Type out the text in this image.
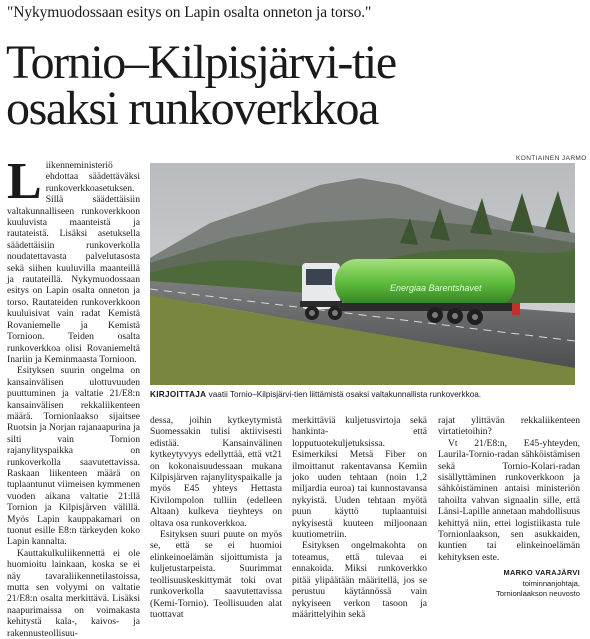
"Nykymuodossaan esitys on Lapin osalta onneton ja torso."
Tornio–Kilpisjärvi-tie
osaksi runkoverkkoa
KONTIAINEN JARMO
Energiaa Barentshavet
KIRJOITTAJA vaatii Tornio–Kilpisjärvi-tien liittämistä osaksi valtakunnallista runkoverkkoa.

Liikenneministeriö ehdottaa säädettäväksi runkoverkkoasetuksen. Sillä säädettäisiin valtakunnalliseen runkoverkkoon kuuluvista maanteistä ja rautateistä. Lisäksi asetuksella säädettäisiin runkoverkolla noudatettavasta palvelutasosta sekä siihen kuuluvilla maanteillä ja rautateillä. Nykymuodossaan esitys on Lapin osalta onneton ja torso. Rautateiden runkoverkkoon kuuluisivat vain radat Kemistä Rovaniemelle ja Kemistä Tornioon. Teiden osalta runkoverkkoa olisi Rovaniemeltä Inariin ja Keminmaasta Tornioon.

Esityksen suurin ongelma on kansainvälisen ulottuvuuden puuttuminen ja valtatie 21/E8:n kansainvälisen rekkaliikenteen määrä. Tornionlaakso sijaitsee Ruotsin ja Norjan rajanaapurina ja silti vain Tornion rajanylityspaikka on runkoverkolla saavutettavissa. Raskaan liikenteen määrä on tuplaantunut viimeisen kymmenen vuoden aikana valtatie 21:llä Tornion ja Kilpisjärven välillä. Myös Lapin kauppakamari on tuonut esille E8:n tärkeyden koko Lapin kannalta.

Kauttakulkuliikennettä ei ole huomioitu lainkaan, koska se ei näy tavaraliikennetilastoissa, mutta sen volyymi on valtatie 21/E8:n osalta merkittävä. Lisäksi naapurimaissa on voimakasta kehitystä kala-, kaivos- ja rakennusteollisuu-

dessa, joihin kytkeytymistä Suomessakin tulisi aktiivisesti edistää. Kansainvälinen kytkeytyvyys edellyttää, että vt21 on kokonaisuudessaan mukana Kilpisjärven rajanylityspaikalle ja myös E45 yhteys Hettasta Kivilompolon tulliin (edelleen Altaan) kulkeva tieyhteys on oltava osa runkoverkkoa.

Esityksen suuri puute on myös se, että se ei huomioi elinkeinoelämän sijoittumista ja kuljetustarpeista. Suurimmat teollisuuskeskittymät toki ovat runkoverkolla saavutettavissa (Kemi-Tornio). Teollisuuden alat tuottavat

merkittäviä kuljetusvirtoja sekä hankinta- että lopputuotekuljetuksissa. Esimerkiksi Metsä Fiber on ilmoittanut rakentavansa Kemiin joko uuden tehtaan (noin 1,2 miljardia euroa) tai kunnostavansa nykyistä. Uuden tehtaan myötä puun käyttö tuplaantuisi nykyisestä kuuteen miljoonaan kuutiometriin.

Esityksen ongelmakohta on toteamus, että tulevaa ei ennakoida. Miksi runkoverkko pitää ylipäätään määritellä, jos se perustuu käytännössä vain nykyiseen verkon tasoon ja määrittelyihin sekä

rajat ylittävän rekkaliikenteen virtatietoihin?

Vt 21/E8:n, E45-yhteyden, Laurila-Tornio-radan sähköistämisen sekä Tornio-Kolari-radan sisällyttäminen runkoverkkoon ja sähköistäminen antaisi ministeriön tahoilta vahvan signaalin sille, että Länsi-Lapille annetaan mahdollisuus kehittyä niin, ettei logistiikasta tule Tornionlaakson, sen asukkaiden, kuntien tai elinkeinoelämän kehityksen este.

MARKO VARAJÄRVI
toiminnanjohtaja,
Tornionlaakson neuvosto
